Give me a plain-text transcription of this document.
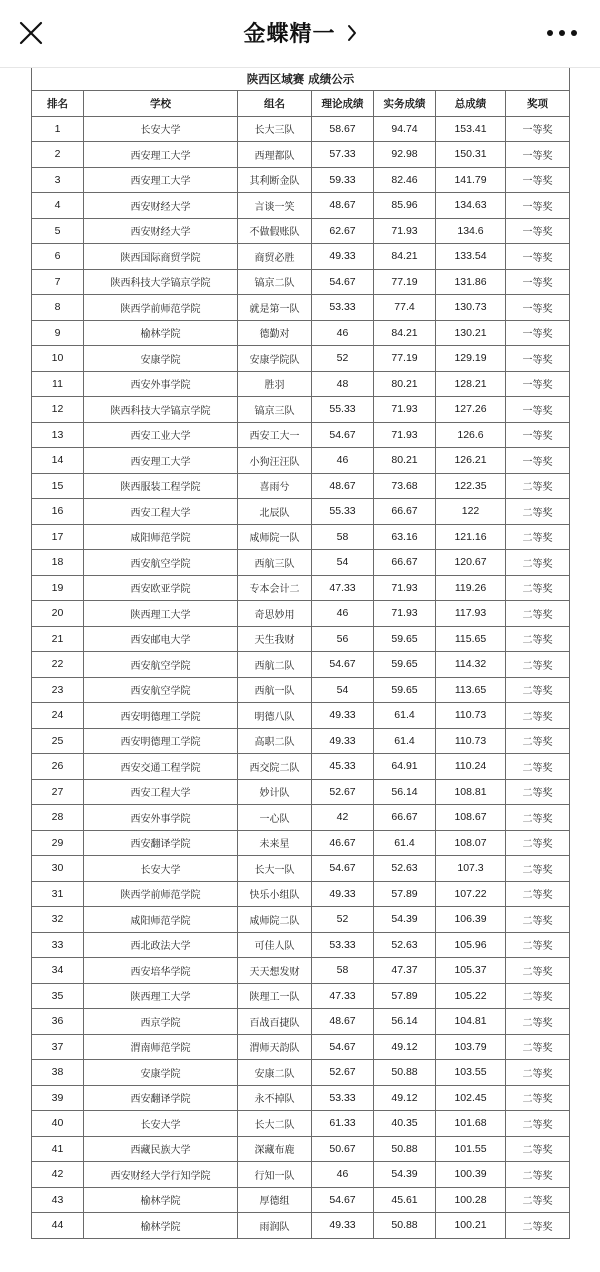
金蝶精一
陕西区域赛 成绩公示						
排名	学校	组名	理论成绩	实务成绩	总成绩	奖项
1	长安大学	长大三队	58.67	94.74	153.41	一等奖
2	西安理工大学	西理都队	57.33	92.98	150.31	一等奖
3	西安理工大学	其利断金队	59.33	82.46	141.79	一等奖
4	西安财经大学	言谈一笑	48.67	85.96	134.63	一等奖
5	西安财经大学	不做假账队	62.67	71.93	134.6	一等奖
6	陕西国际商贸学院	商贸必胜	49.33	84.21	133.54	一等奖
7	陕西科技大学镐京学院	镐京二队	54.67	77.19	131.86	一等奖
8	陕西学前师范学院	就是第一队	53.33	77.4	130.73	一等奖
9	榆林学院	德勤对	46	84.21	130.21	一等奖
10	安康学院	安康学院队	52	77.19	129.19	一等奖
11	西安外事学院	胜羽	48	80.21	128.21	一等奖
12	陕西科技大学镐京学院	镐京三队	55.33	71.93	127.26	一等奖
13	西安工业大学	西安工大一	54.67	71.93	126.6	一等奖
14	西安理工大学	小狗汪汪队	46	80.21	126.21	一等奖
15	陕西服装工程学院	喜雨兮	48.67	73.68	122.35	二等奖
16	西安工程大学	北辰队	55.33	66.67	122	二等奖
17	咸阳师范学院	咸师院一队	58	63.16	121.16	二等奖
18	西安航空学院	西航三队	54	66.67	120.67	二等奖
19	西安欧亚学院	专本会计二	47.33	71.93	119.26	二等奖
20	陕西理工大学	奇思妙用	46	71.93	117.93	二等奖
21	西安邮电大学	天生我财	56	59.65	115.65	二等奖
22	西安航空学院	西航二队	54.67	59.65	114.32	二等奖
23	西安航空学院	西航一队	54	59.65	113.65	二等奖
24	西安明德理工学院	明德八队	49.33	61.4	110.73	二等奖
25	西安明德理工学院	高职二队	49.33	61.4	110.73	二等奖
26	西安交通工程学院	西交院二队	45.33	64.91	110.24	二等奖
27	西安工程大学	妙计队	52.67	56.14	108.81	二等奖
28	西安外事学院	一心队	42	66.67	108.67	二等奖
29	西安翻译学院	未来星	46.67	61.4	108.07	二等奖
30	长安大学	长大一队	54.67	52.63	107.3	二等奖
31	陕西学前师范学院	快乐小组队	49.33	57.89	107.22	二等奖
32	咸阳师范学院	咸师院二队	52	54.39	106.39	二等奖
33	西北政法大学	可佳人队	53.33	52.63	105.96	二等奖
34	西安培华学院	天天想发财	58	47.37	105.37	二等奖
35	陕西理工大学	陕理工一队	47.33	57.89	105.22	二等奖
36	西京学院	百战百捷队	48.67	56.14	104.81	二等奖
37	渭南师范学院	渭师天韵队	54.67	49.12	103.79	二等奖
38	安康学院	安康二队	52.67	50.88	103.55	二等奖
39	西安翻译学院	永不掉队	53.33	49.12	102.45	二等奖
40	长安大学	长大二队	61.33	40.35	101.68	二等奖
41	西藏民族大学	深藏布鹿	50.67	50.88	101.55	二等奖
42	西安财经大学行知学院	行知一队	46	54.39	100.39	二等奖
43	榆林学院	厚德组	54.67	45.61	100.28	二等奖
44	榆林学院	雨润队	49.33	50.88	100.21	二等奖
